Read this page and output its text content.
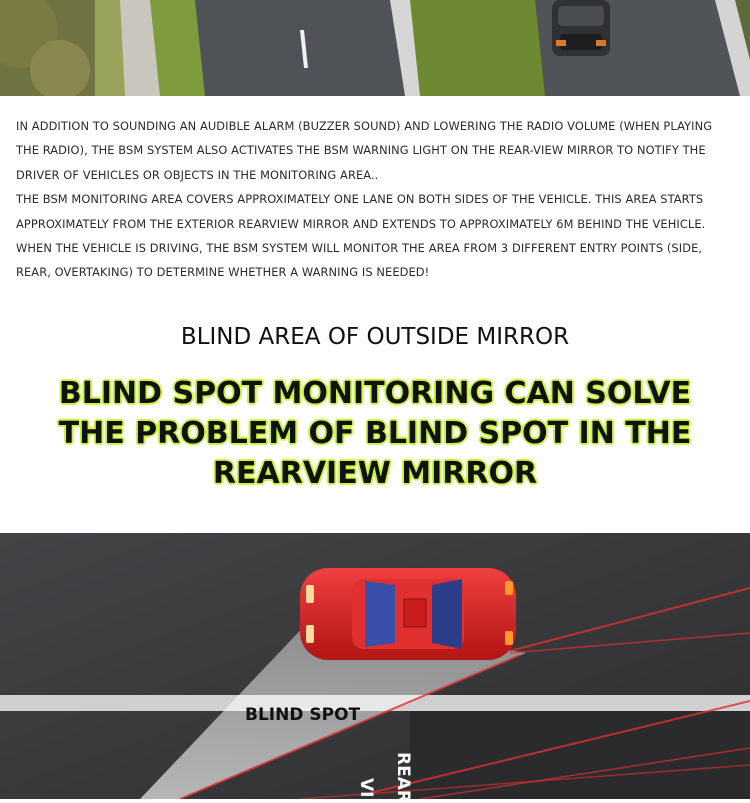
IN ADDITION TO SOUNDING AN AUDIBLE ALARM (BUZZER SOUND) AND LOWERING THE RADIO VOLUME (WHEN PLAYING THE RADIO), THE BSM SYSTEM ALSO ACTIVATES THE BSM WARNING LIGHT ON THE REAR-VIEW MIRROR TO NOTIFY THE DRIVER OF VEHICLES OR OBJECTS IN THE MONITORING AREA..

THE BSM MONITORING AREA COVERS APPROXIMATELY ONE LANE ON BOTH SIDES OF THE VEHICLE. THIS AREA STARTS APPROXIMATELY FROM THE EXTERIOR REARVIEW MIRROR AND EXTENDS TO APPROXIMATELY 6M BEHIND THE VEHICLE. WHEN THE VEHICLE IS DRIVING, THE BSM SYSTEM WILL MONITOR THE AREA FROM 3 DIFFERENT ENTRY POINTS (SIDE, REAR, OVERTAKING) TO DETERMINE WHETHER A WARNING IS NEEDED!

BLIND AREA OF OUTSIDE MIRROR
BLIND SPOT MONITORING CAN SOLVE
THE PROBLEM OF BLIND SPOT IN THE
REARVIEW MIRROR
BLIND SPOT
REAR
VI
